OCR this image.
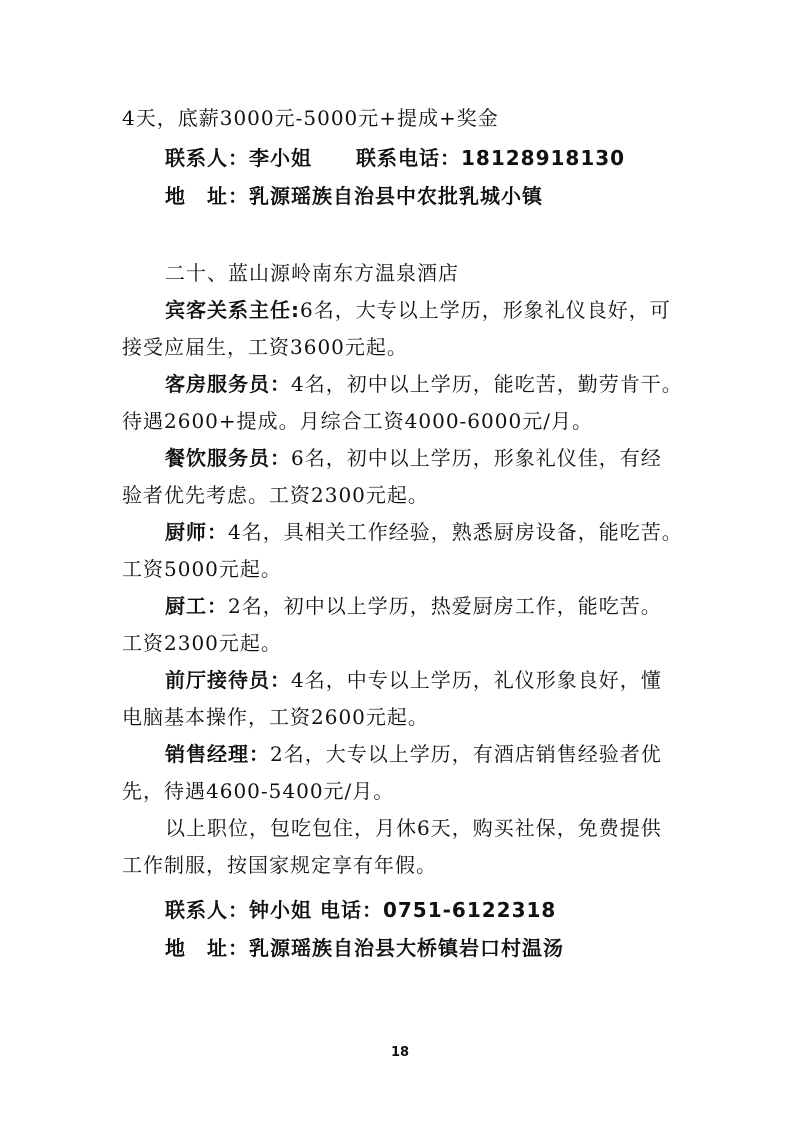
4天，底薪3000元-5000元+提成+奖金
联系人：李小姐 联系电话：18128918130
地　址：乳源瑶族自治县中农批乳城小镇
二十、蓝山源岭南东方温泉酒店
宾客关系主任:6名，大专以上学历，形象礼仪良好，可
接受应届生，工资3600元起。
客房服务员：4名，初中以上学历，能吃苦，勤劳肯干。
待遇2600+提成。月综合工资4000-6000元/月。
餐饮服务员：6名，初中以上学历，形象礼仪佳，有经
验者优先考虑。工资2300元起。
厨师：4名，具相关工作经验，熟悉厨房设备，能吃苦。
工资5000元起。
厨工：2名，初中以上学历，热爱厨房工作，能吃苦。
工资2300元起。
前厅接待员：4名，中专以上学历，礼仪形象良好，懂
电脑基本操作，工资2600元起。
销售经理：2名，大专以上学历，有酒店销售经验者优
先，待遇4600-5400元/月。
以上职位，包吃包住，月休6天，购买社保，免费提供
工作制服，按国家规定享有年假。
联系人：钟小姐 电话：0751-6122318
地　址：乳源瑶族自治县大桥镇岩口村温汤
18
